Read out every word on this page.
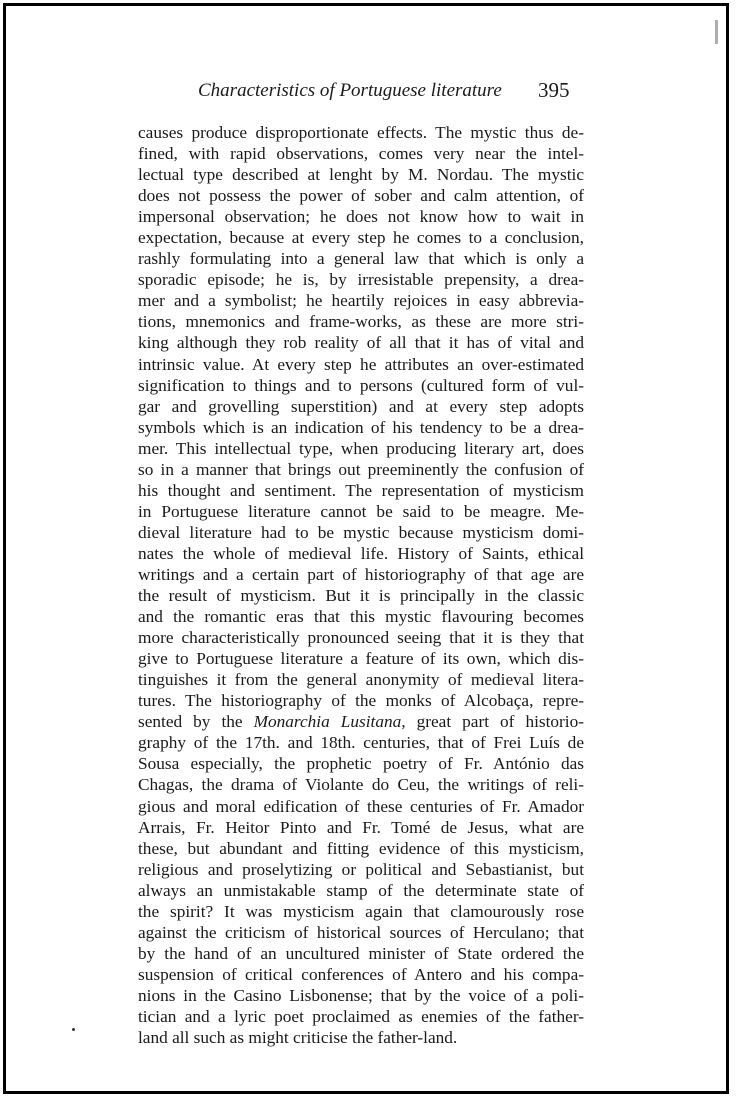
Characteristics of Portuguese literature 395
causes produce disproportionate effects. The mystic thus de-
fined, with rapid observations, comes very near the intel-
lectual type described at lenght by M. Nordau. The mystic
does not possess the power of sober and calm attention, of
impersonal observation; he does not know how to wait in
expectation, because at every step he comes to a conclusion,
rashly formulating into a general law that which is only a
sporadic episode; he is, by irresistable prepensity, a drea-
mer and a symbolist; he heartily rejoices in easy abbrevia-
tions, mnemonics and frame-works, as these are more stri-
king although they rob reality of all that it has of vital and
intrinsic value. At every step he attributes an over-estimated
signification to things and to persons (cultured form of vul-
gar and grovelling superstition) and at every step adopts
symbols which is an indication of his tendency to be a drea-
mer. This intellectual type, when producing literary art, does
so in a manner that brings out preeminently the confusion of
his thought and sentiment. The representation of mysticism
in Portuguese literature cannot be said to be meagre. Me-
dieval literature had to be mystic because mysticism domi-
nates the whole of medieval life. History of Saints, ethical
writings and a certain part of historiography of that age are
the result of mysticism. But it is principally in the classic
and the romantic eras that this mystic flavouring becomes
more characteristically pronounced seeing that it is they that
give to Portuguese literature a feature of its own, which dis-
tinguishes it from the general anonymity of medieval litera-
tures. The historiography of the monks of Alcobaça, repre-
sented by the Monarchia Lusitana, great part of historio-
graphy of the 17th. and 18th. centuries, that of Frei Luís de
Sousa especially, the prophetic poetry of Fr. António das
Chagas, the drama of Violante do Ceu, the writings of reli-
gious and moral edification of these centuries of Fr. Amador
Arrais, Fr. Heitor Pinto and Fr. Tomé de Jesus, what are
these, but abundant and fitting evidence of this mysticism,
religious and proselytizing or political and Sebastianist, but
always an unmistakable stamp of the determinate state of
the spirit? It was mysticism again that clamourously rose
against the criticism of historical sources of Herculano; that
by the hand of an uncultured minister of State ordered the
suspension of critical conferences of Antero and his compa-
nions in the Casino Lisbonense; that by the voice of a poli-
tician and a lyric poet proclaimed as enemies of the father-
land all such as might criticise the father-land.
